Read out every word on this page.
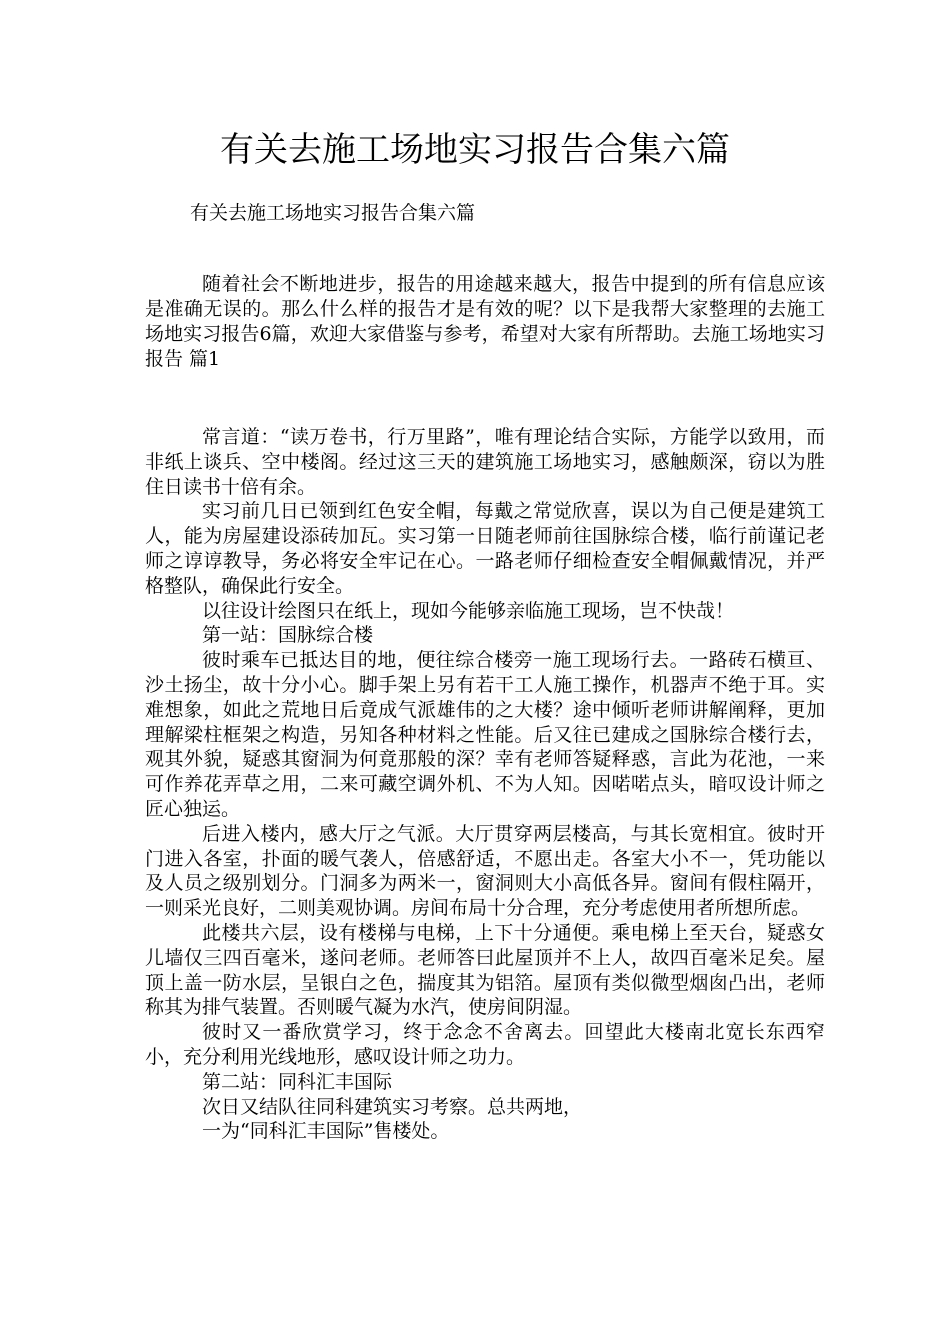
有关去施工场地实习报告合集六篇

有关去施工场地实习报告合集六篇

随着社会不断地进步，报告的用途越来越大，报告中提到的所有信息应该是准确无误的。那么什么样的报告才是有效的呢？以下是我帮大家整理的去施工场地实习报告6篇，欢迎大家借鉴与参考，希望对大家有所帮助。去施工场地实习报告 篇1

常言道：“读万卷书，行万里路”，唯有理论结合实际，方能学以致用，而非纸上谈兵、空中楼阁。经过这三天的建筑施工场地实习，感触颇深，窃以为胜住日读书十倍有余。

实习前几日已领到红色安全帽，每戴之常觉欣喜，误以为自己便是建筑工人，能为房屋建设添砖加瓦。实习第一日随老师前往国脉综合楼，临行前谨记老师之谆谆教导，务必将安全牢记在心。一路老师仔细检查安全帽佩戴情况，并严格整队，确保此行安全。

以往设计绘图只在纸上，现如今能够亲临施工现场，岂不快哉！

第一站：国脉综合楼

彼时乘车已抵达目的地，便往综合楼旁一施工现场行去。一路砖石横亘、沙土扬尘，故十分小心。脚手架上另有若干工人施工操作，机器声不绝于耳。实难想象，如此之荒地日后竟成气派雄伟的之大楼？途中倾听老师讲解阐释，更加理解梁柱框架之构造，另知各种材料之性能。后又往已建成之国脉综合楼行去，观其外貌，疑惑其窗洞为何竟那般的深？幸有老师答疑释惑，言此为花池，一来可作养花弄草之用，二来可藏空调外机、不为人知。因喏喏点头，暗叹设计师之匠心独运。

后进入楼内，感大厅之气派。大厅贯穿两层楼高，与其长宽相宜。彼时开门进入各室，扑面的暖气袭人，倍感舒适，不愿出走。各室大小不一，凭功能以及人员之级别划分。门洞多为两米一，窗洞则大小高低各异。窗间有假柱隔开，一则采光良好，二则美观协调。房间布局十分合理，充分考虑使用者所想所虑。

此楼共六层，设有楼梯与电梯，上下十分通便。乘电梯上至天台，疑惑女儿墙仅三四百毫米，遂问老师。老师答曰此屋顶并不上人，故四百毫米足矣。屋顶上盖一防水层，呈银白之色，揣度其为铝箔。屋顶有类似微型烟囱凸出，老师称其为排气装置。否则暖气凝为水汽，使房间阴湿。

彼时又一番欣赏学习，终于念念不舍离去。回望此大楼南北宽长东西窄小，充分利用光线地形，感叹设计师之功力。

第二站：同科汇丰国际

次日又结队往同科建筑实习考察。总共两地，

一为“同科汇丰国际”售楼处。
